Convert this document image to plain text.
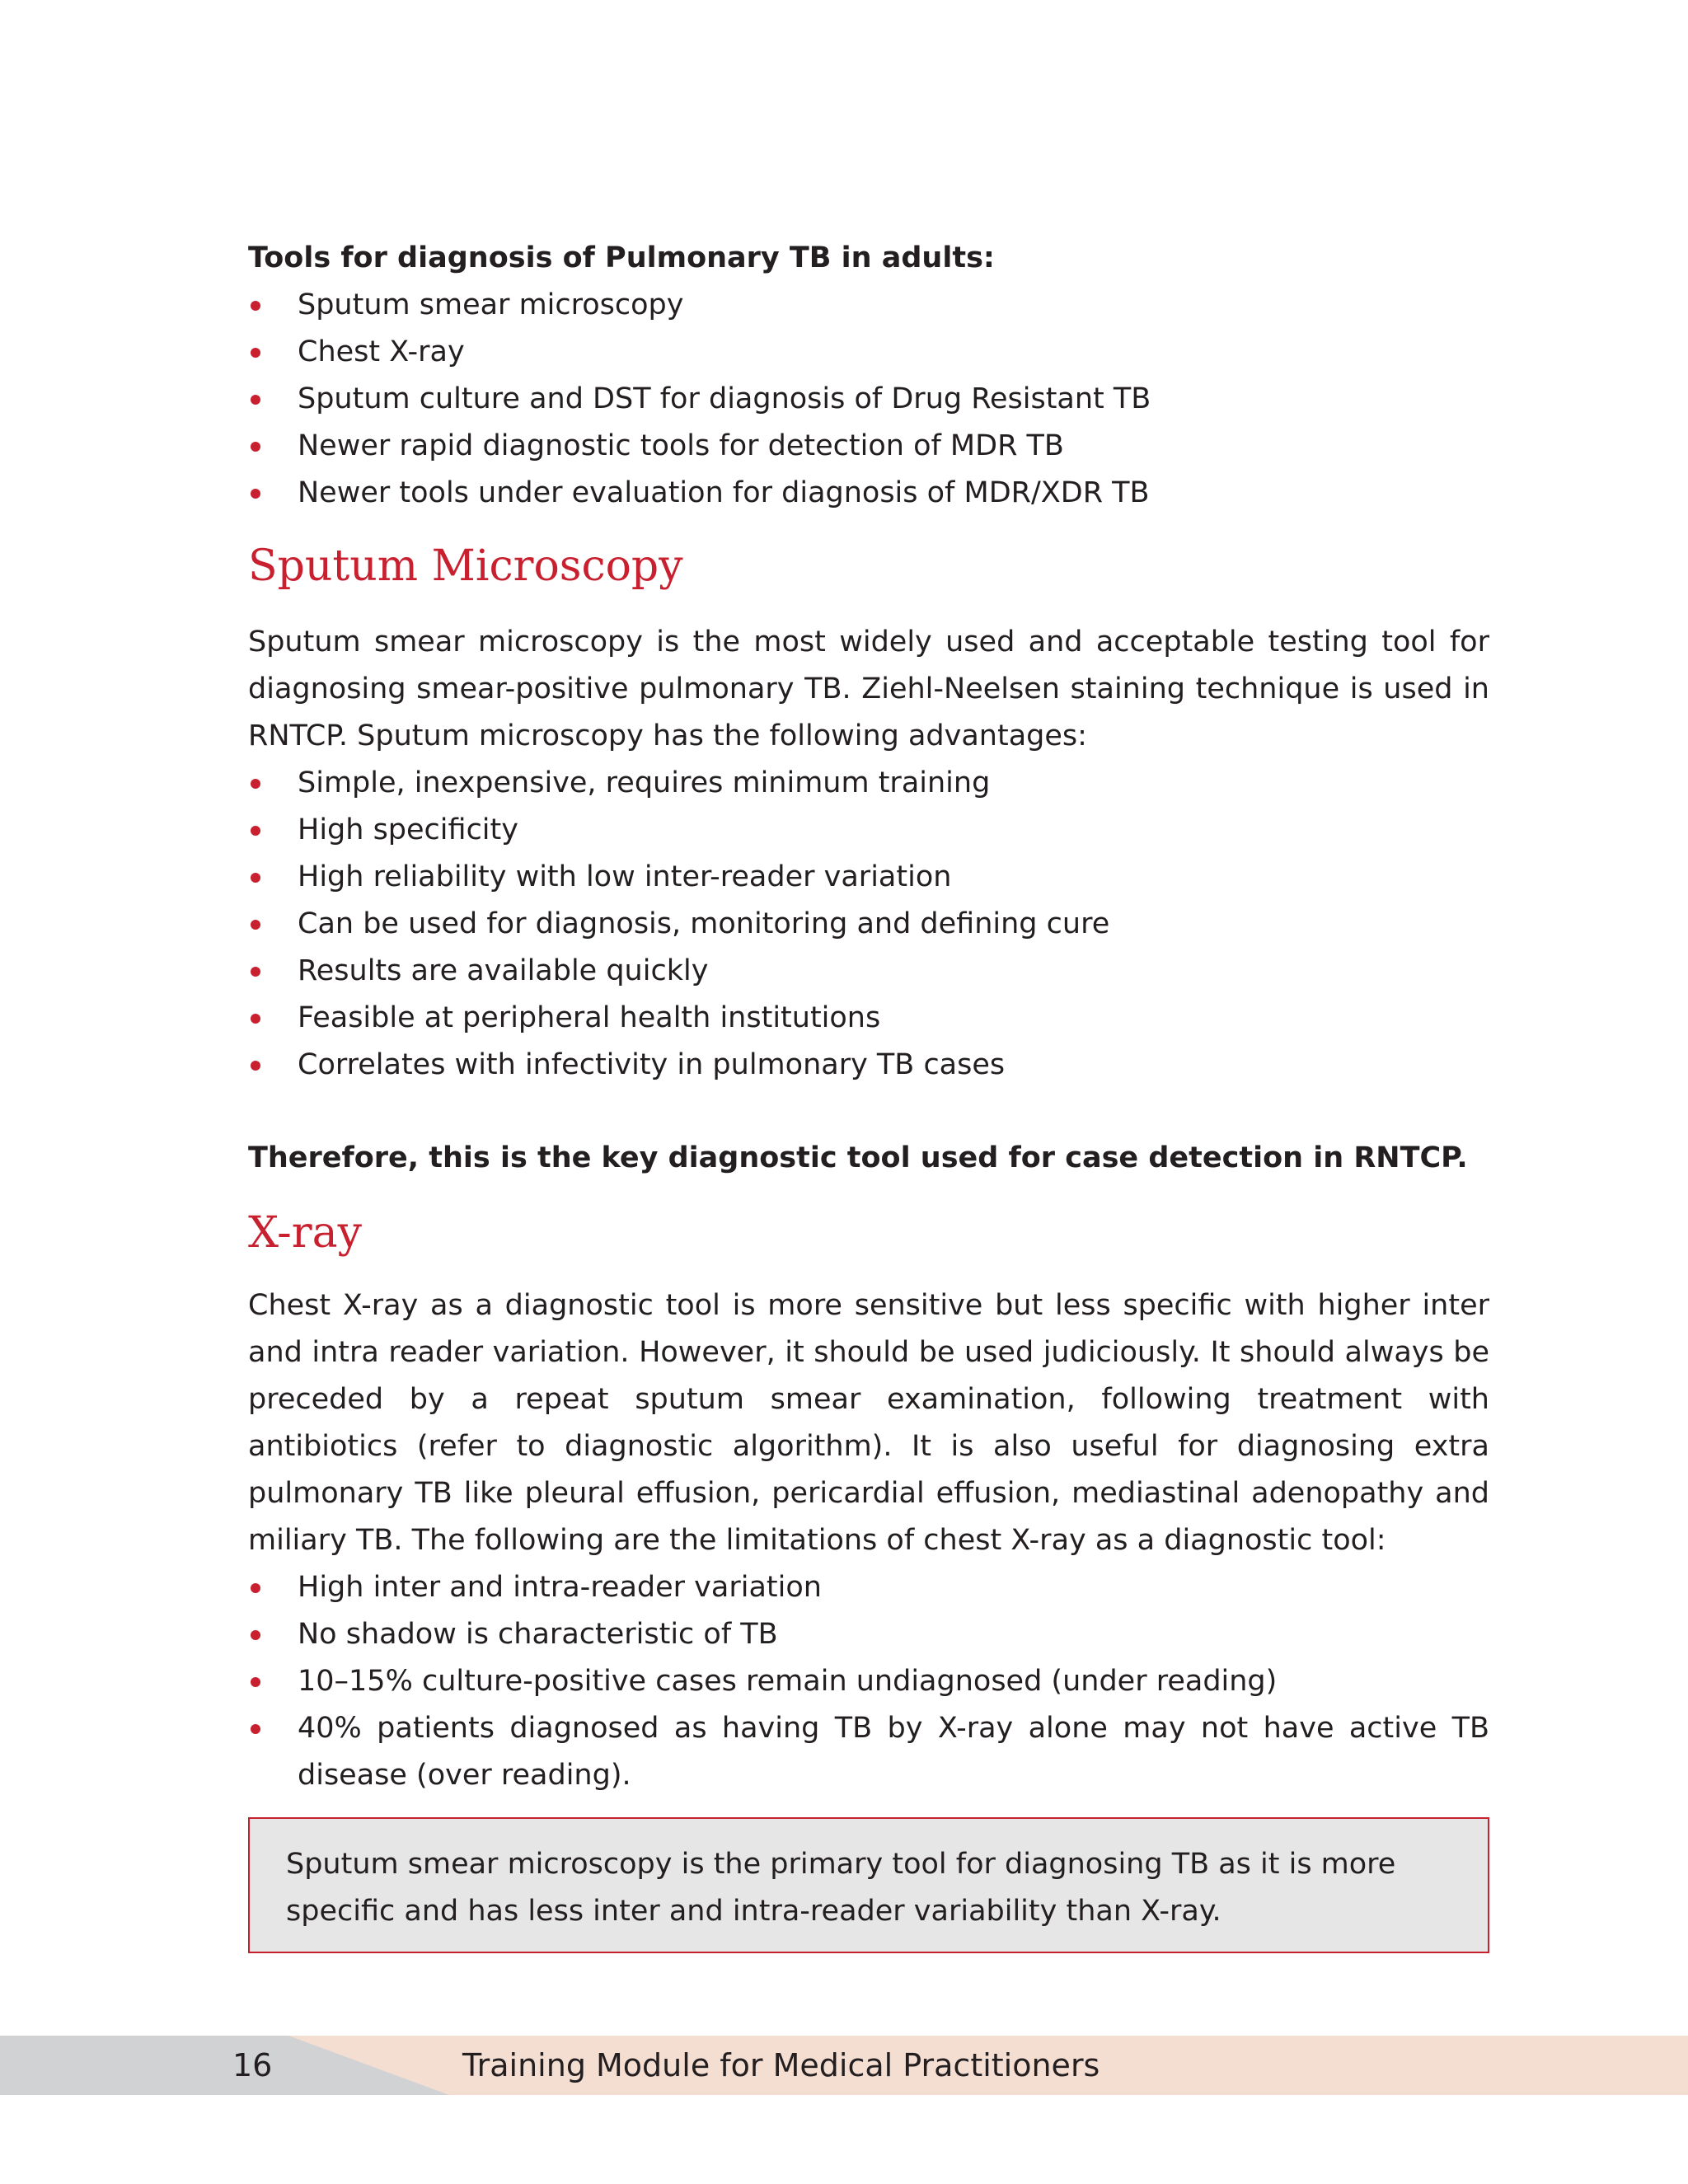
Tools for diagnosis of Pulmonary TB in adults:

Sputum smear microscopy
Chest X-ray
Sputum culture and DST for diagnosis of Drug Resistant TB
Newer rapid diagnostic tools for detection of MDR TB
Newer tools under evaluation for diagnosis of MDR/XDR TB
Sputum Microscopy

Sputum smear microscopy is the most widely used and acceptable testing tool for diagnosing smear-positive pulmonary TB. Ziehl-Neelsen staining technique is used in RNTCP. Sputum microscopy has the following advantages:

Simple, inexpensive, requires minimum training
High specificity
High reliability with low inter-reader variation
Can be used for diagnosis, monitoring and defining cure
Results are available quickly
Feasible at peripheral health institutions
Correlates with infectivity in pulmonary TB cases

Therefore, this is the key diagnostic tool used for case detection in RNTCP.

X-ray

Chest X-ray as a diagnostic tool is more sensitive but less specific with higher inter and intra reader variation. However, it should be used judiciously. It should always be preceded by a repeat sputum smear examination, following treatment with antibiotics (refer to diagnostic algorithm). It is also useful for diagnosing extra pulmonary TB like pleural effusion, pericardial effusion, mediastinal adenopathy and miliary TB. The following are the limitations of chest X-ray as a diagnostic tool:

High inter and intra-reader variation
No shadow is characteristic of TB
10–15% culture-positive cases remain undiagnosed (under reading)
40% patients diagnosed as having TB by X-ray alone may not have active TB disease (over reading).
Sputum smear microscopy is the primary tool for diagnosing TB as it is more specific and has less inter and intra-reader variability than X-ray.
16	Training Module for Medical Practitioners
